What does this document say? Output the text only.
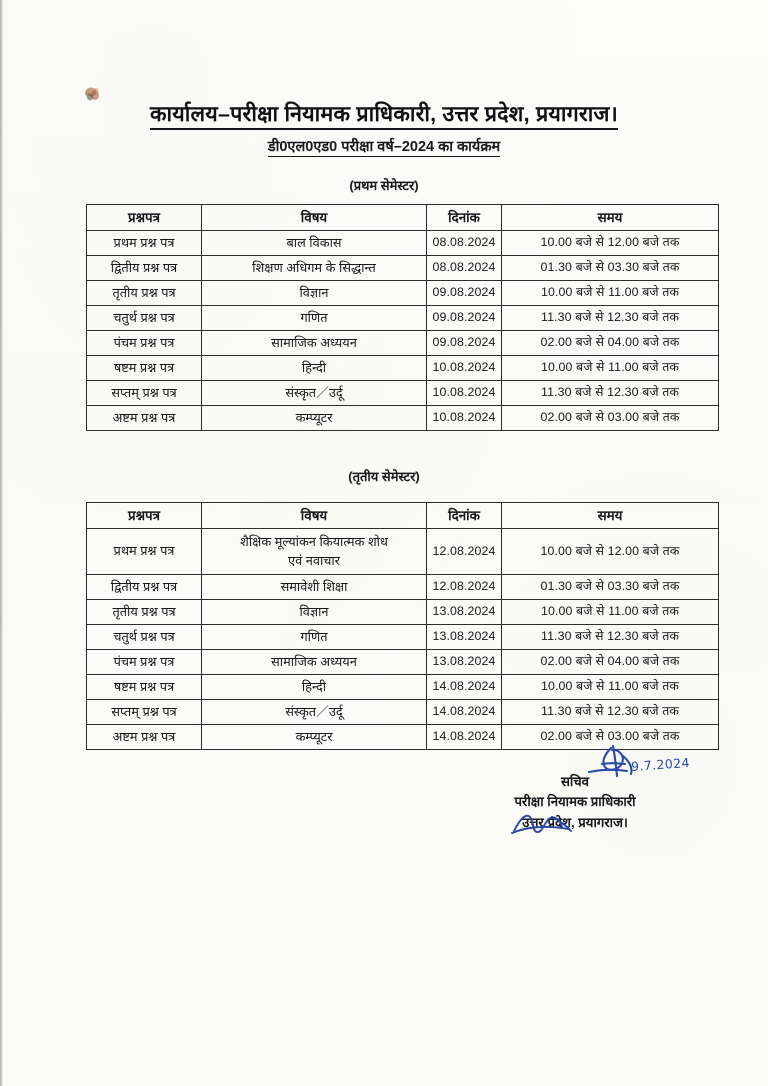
कार्यालय–परीक्षा नियामक प्राधिकारी, उत्तर प्रदेश, प्रयागराज।
डी0एल0एड0 परीक्षा वर्ष–2024 का कार्यक्रम
(प्रथम सेमेस्टर)
प्रश्नपत्र	विषय	दिनांक	समय
प्रथम प्रश्न पत्र	बाल विकास	08.08.2024	10.00 बजे से 12.00 बजे तक
द्वितीय प्रश्न पत्र	शिक्षण अधिगम के सिद्धान्त	08.08.2024	01.30 बजे से 03.30 बजे तक
तृतीय प्रश्न पत्र	विज्ञान	09.08.2024	10.00 बजे से 11.00 बजे तक
चतुर्थ प्रश्न पत्र	गणित	09.08.2024	11.30 बजे से 12.30 बजे तक
पंचम प्रश्न पत्र	सामाजिक अध्ययन	09.08.2024	02.00 बजे से 04.00 बजे तक
षष्टम प्रश्न पत्र	हिन्दी	10.08.2024	10.00 बजे से 11.00 बजे तक
सप्तम् प्रश्न पत्र	संस्कृत／उर्दू	10.08.2024	11.30 बजे से 12.30 बजे तक
अष्टम प्रश्न पत्र	कम्प्यूटर	10.08.2024	02.00 बजे से 03.00 बजे तक
(तृतीय सेमेस्टर)
प्रश्नपत्र	विषय	दिनांक	समय
प्रथम प्रश्न पत्र	शैक्षिक मूल्यांकन कियात्मक शोध
एवं नवाचार	12.08.2024	10.00 बजे से 12.00 बजे तक
द्वितीय प्रश्न पत्र	समावेशी शिक्षा	12.08.2024	01.30 बजे से 03.30 बजे तक
तृतीय प्रश्न पत्र	विज्ञान	13.08.2024	10.00 बजे से 11.00 बजे तक
चतुर्थ प्रश्न पत्र	गणित	13.08.2024	11.30 बजे से 12.30 बजे तक
पंचम प्रश्न पत्र	सामाजिक अध्ययन	13.08.2024	02.00 बजे से 04.00 बजे तक
षष्टम प्रश्न पत्र	हिन्दी	14.08.2024	10.00 बजे से 11.00 बजे तक
सप्तम् प्रश्न पत्र	संस्कृत／उर्दू	14.08.2024	11.30 बजे से 12.30 बजे तक
अष्टम प्रश्न पत्र	कम्प्यूटर	14.08.2024	02.00 बजे से 03.00 बजे तक
9.7.2024
सचिव
परीक्षा नियामक प्राधिकारी
उत्तर प्रदेश, प्रयागराज।
